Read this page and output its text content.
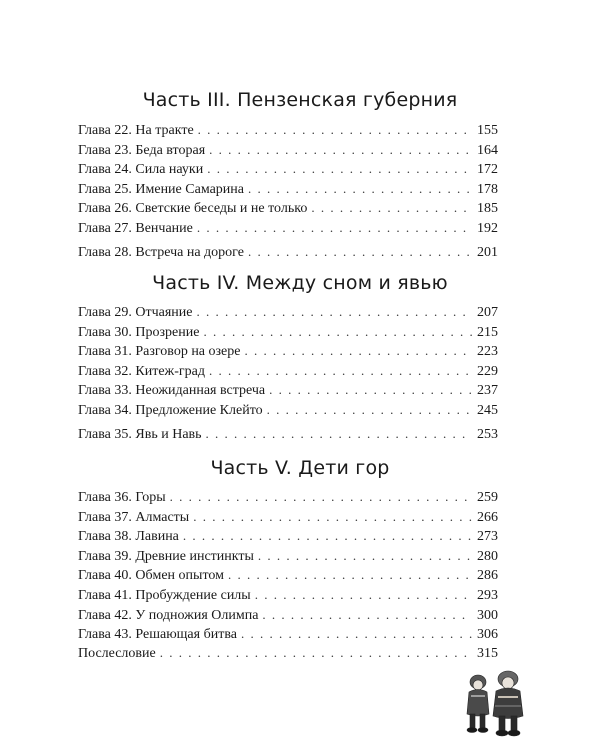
Часть III. Пензенская губерния
Глава 22. На тракте . . .	155
Глава 23. Беда вторая . . .	164
Глава 24. Сила науки . . .	172
Глава 25. Имение Самарина . . .	178
Глава 26. Светские беседы и не только . . .	185
Глава 27. Венчание . . .	192
Глава 28. Встреча на дороге . . .	201
Часть IV. Между сном и явью
Глава 29. Отчаяние . . .	207
Глава 30. Прозрение . . .	215
Глава 31. Разговор на озере . . .	223
Глава 32. Китеж-град . . .	229
Глава 33. Неожиданная встреча . . .	237
Глава 34. Предложение Клейто . . .	245
Глава 35. Явь и Навь . . .	253
Часть V. Дети гор
Глава 36. Горы . . .	259
Глава 37. Алмасты . . .	266
Глава 38. Лавина . . .	273
Глава 39. Древние инстинкты . . .	280
Глава 40. Обмен опытом . . .	286
Глава 41. Пробуждение силы . . .	293
Глава 42. У подножия Олимпа . . .	300
Глава 43. Решающая битва . . .	306
Послесловие . . .	315
